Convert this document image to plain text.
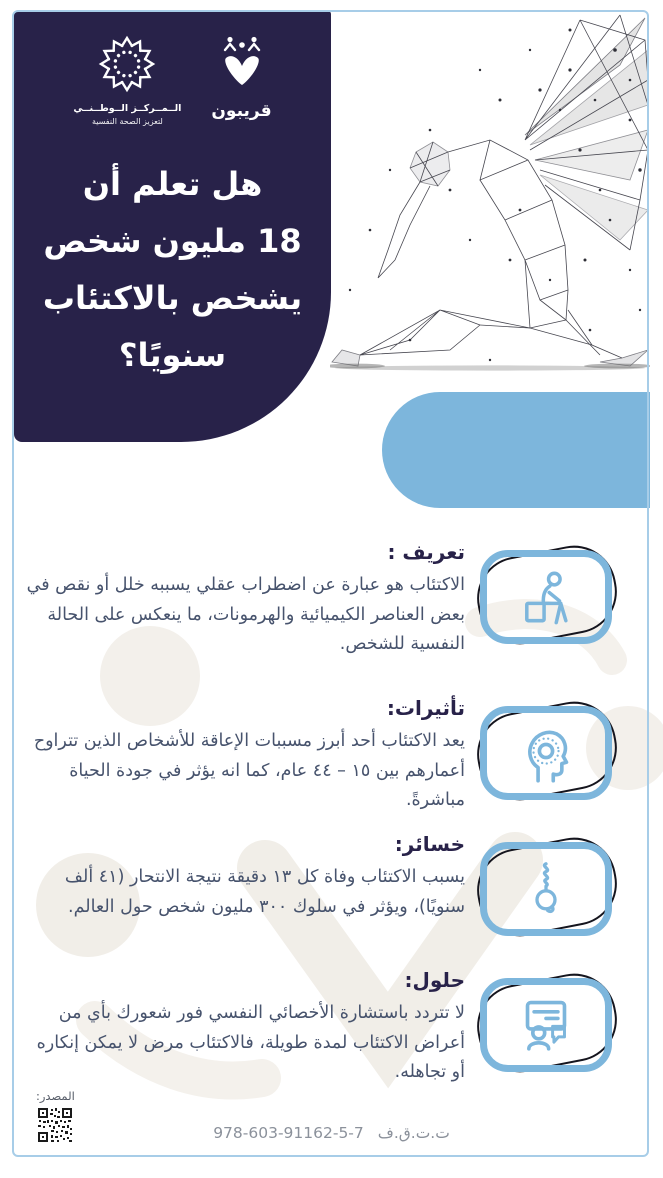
الــمــركــز الــوطــنــي
لتعزيز الصحة النفسية
قريبون
هل تعلم أن
18 مليون شخص
يشخص بالاكتئاب
سنويًا؟
تعريف :

الاكتئاب هو عبارة عن اضطراب عقلي يسببه خلل أو نقص في بعض العناصر الكيميائية والهرمونات، ما ينعكس على الحالة النفسية للشخص.

تأثيرات:

يعد الاكتئاب أحد أبرز مسببات الإعاقة للأشخاص الذين تتراوح أعمارهم بين ١٥ – ٤٤ عام، كما انه يؤثر في جودة الحياة مباشرةً.

خسائر:

يسبب الاكتئاب وفاة كل ١٣ دقيقة نتيجة الانتحار (٤١ ألف سنويًا)، ويؤثر في سلوك ٣٠٠ مليون شخص حول العالم.

حلول:

لا تتردد باستشارة الأخصائي النفسي فور شعورك بأي من أعراض الاكتئاب لمدة طويلة، فالاكتئاب مرض لا يمكن إنكاره أو تجاهله.

المصدر:
ت.ت.ق.ف
978-603-91162-5-7
